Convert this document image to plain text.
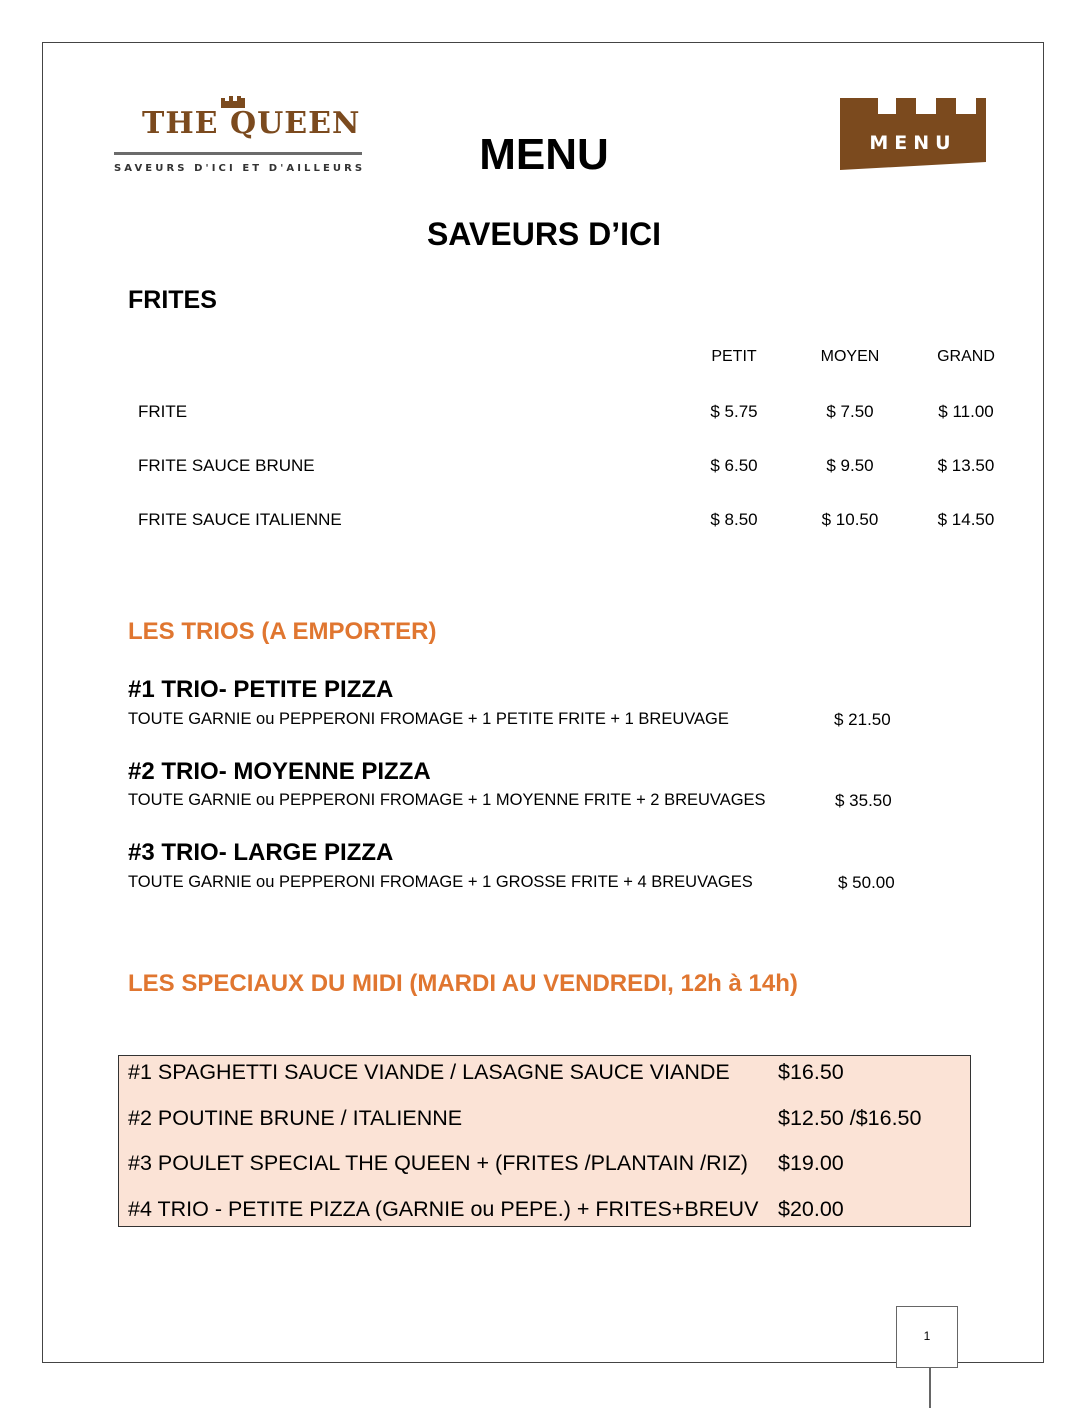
THE QUEEN
SAVEURS D'ICI ET D'AILLEURS
MENU
MENU
SAVEURS D’ICI
FRITES
PETIT	MOYEN	GRAND
FRITE	$ 5.75	$ 7.50	$ 11.00
FRITE SAUCE BRUNE	$ 6.50	$ 9.50	$ 13.50
FRITE SAUCE ITALIENNE	$ 8.50	$ 10.50	$ 14.50
LES TRIOS (A EMPORTER)
#1 TRIO- PETITE PIZZA
TOUTE GARNIE ou PEPPERONI FROMAGE + 1 PETITE FRITE + 1 BREUVAGE	$ 21.50
#2 TRIO- MOYENNE PIZZA
TOUTE GARNIE ou PEPPERONI FROMAGE + 1 MOYENNE FRITE + 2 BREUVAGES	$ 35.50
#3 TRIO- LARGE PIZZA
TOUTE GARNIE ou PEPPERONI FROMAGE + 1 GROSSE FRITE + 4 BREUVAGES	$ 50.00
LES SPECIAUX DU MIDI (MARDI AU VENDREDI, 12h à 14h)
#1 SPAGHETTI SAUCE VIANDE / LASAGNE SAUCE VIANDE $16.50
#2 POUTINE BRUNE / ITALIENNE	$12.50 /$16.50
#3 POULET SPECIAL THE QUEEN + (FRITES /PLANTAIN /RIZ) $19.00
#4 TRIO - PETITE PIZZA (GARNIE ou PEPE.) + FRITES+BREUV $20.00
1
